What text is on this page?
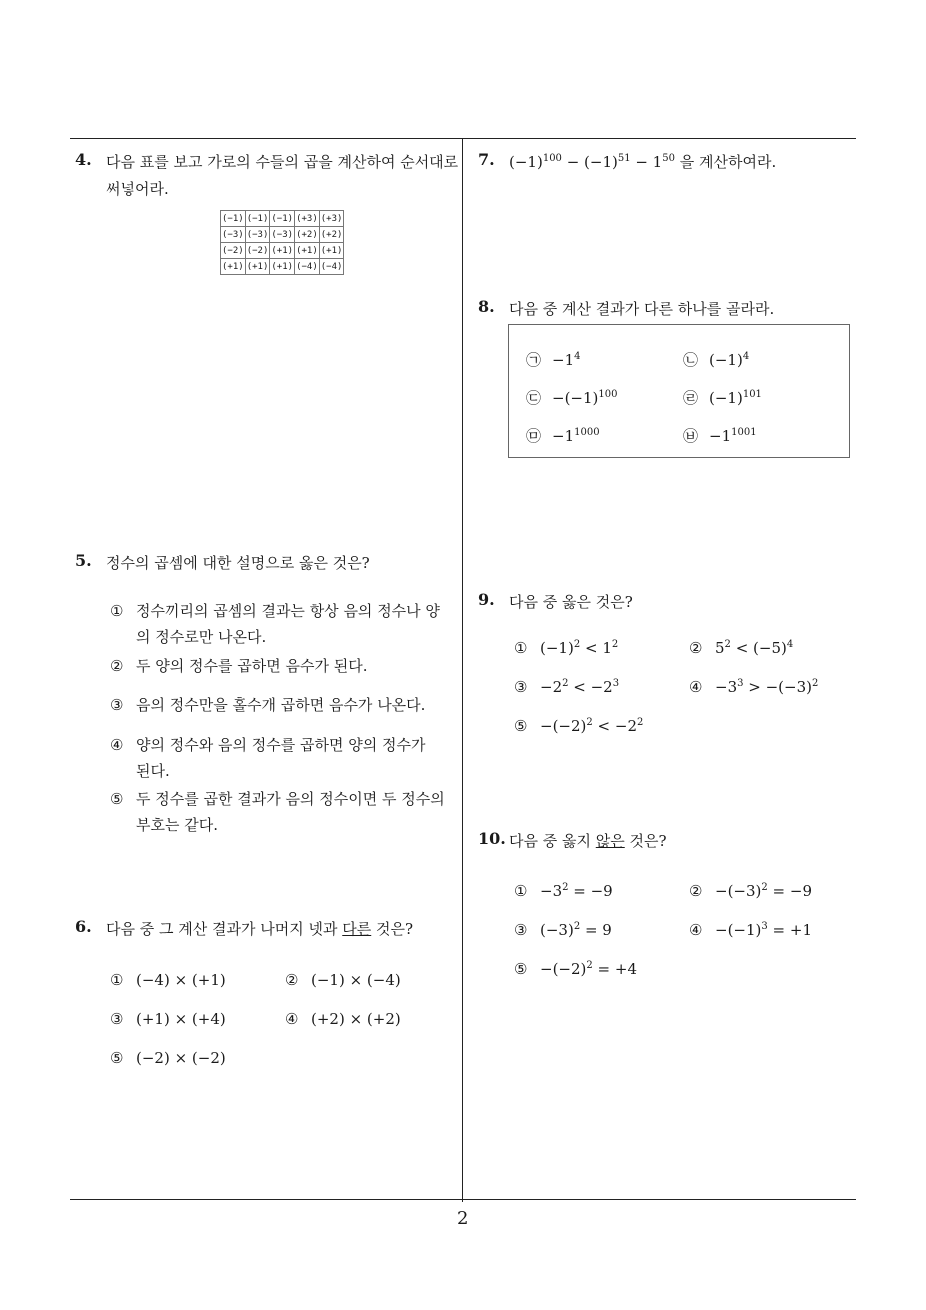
4. 다음 표를 보고 가로의 수들의 곱을 계산하여 순서대로
써넣어라.
(−1)	(−1)	(−1)	(+3)	(+3)
(−3)	(−3)	(−3)	(+2)	(+2)
(−2)	(−2)	(+1)	(+1)	(+1)
(+1)	(+1)	(+1)	(−4)	(−4)
5. 정수의 곱셈에 대한 설명으로 옳은 것은?
① 정수끼리의 곱셈의 결과는 항상 음의 정수나 양
의 정수로만 나온다.
② 두 양의 정수를 곱하면 음수가 된다.
③ 음의 정수만을 홀수개 곱하면 음수가 나온다.
④ 양의 정수와 음의 정수를 곱하면 양의 정수가
된다.
⑤ 두 정수를 곱한 결과가 음의 정수이면 두 정수의
부호는 같다.
6. 다음 중 그 계산 결과가 나머지 넷과 다른 것은?
① (−4) × (+1)	② (−1) × (−4)
③ (+1) × (+4)	④ (+2) × (+2)
⑤ (−2) × (−2)
7. $(-1)^{100} - (-1)^{51} - 1^{50}$ 을 계산하여라.
8. 다음 중 계산 결과가 다른 하나를 골라라.
㉠ $-1^4$	㉡ $(-1)^4$
㉢ $-(-1)^{100}$	㉣ $(-1)^{101}$
㉤ $-1^{1000}$	㉥ $-1^{1001}$
9. 다음 중 옳은 것은?
① $(-1)^2 < 1^2$	② $5^2 < (-5)^4$
③ $-2^2 < -2^3$	④ $-3^3 > -(-3)^2$
⑤ $-(-2)^2 < -2^2$
10. 다음 중 옳지 않은 것은?
① $-3^2 = -9$	② $-(-3)^2 = -9$
③ $(-3)^2 = 9$	④ $-(-1)^3 = +1$
⑤ $-(-2)^2 = +4$
2
